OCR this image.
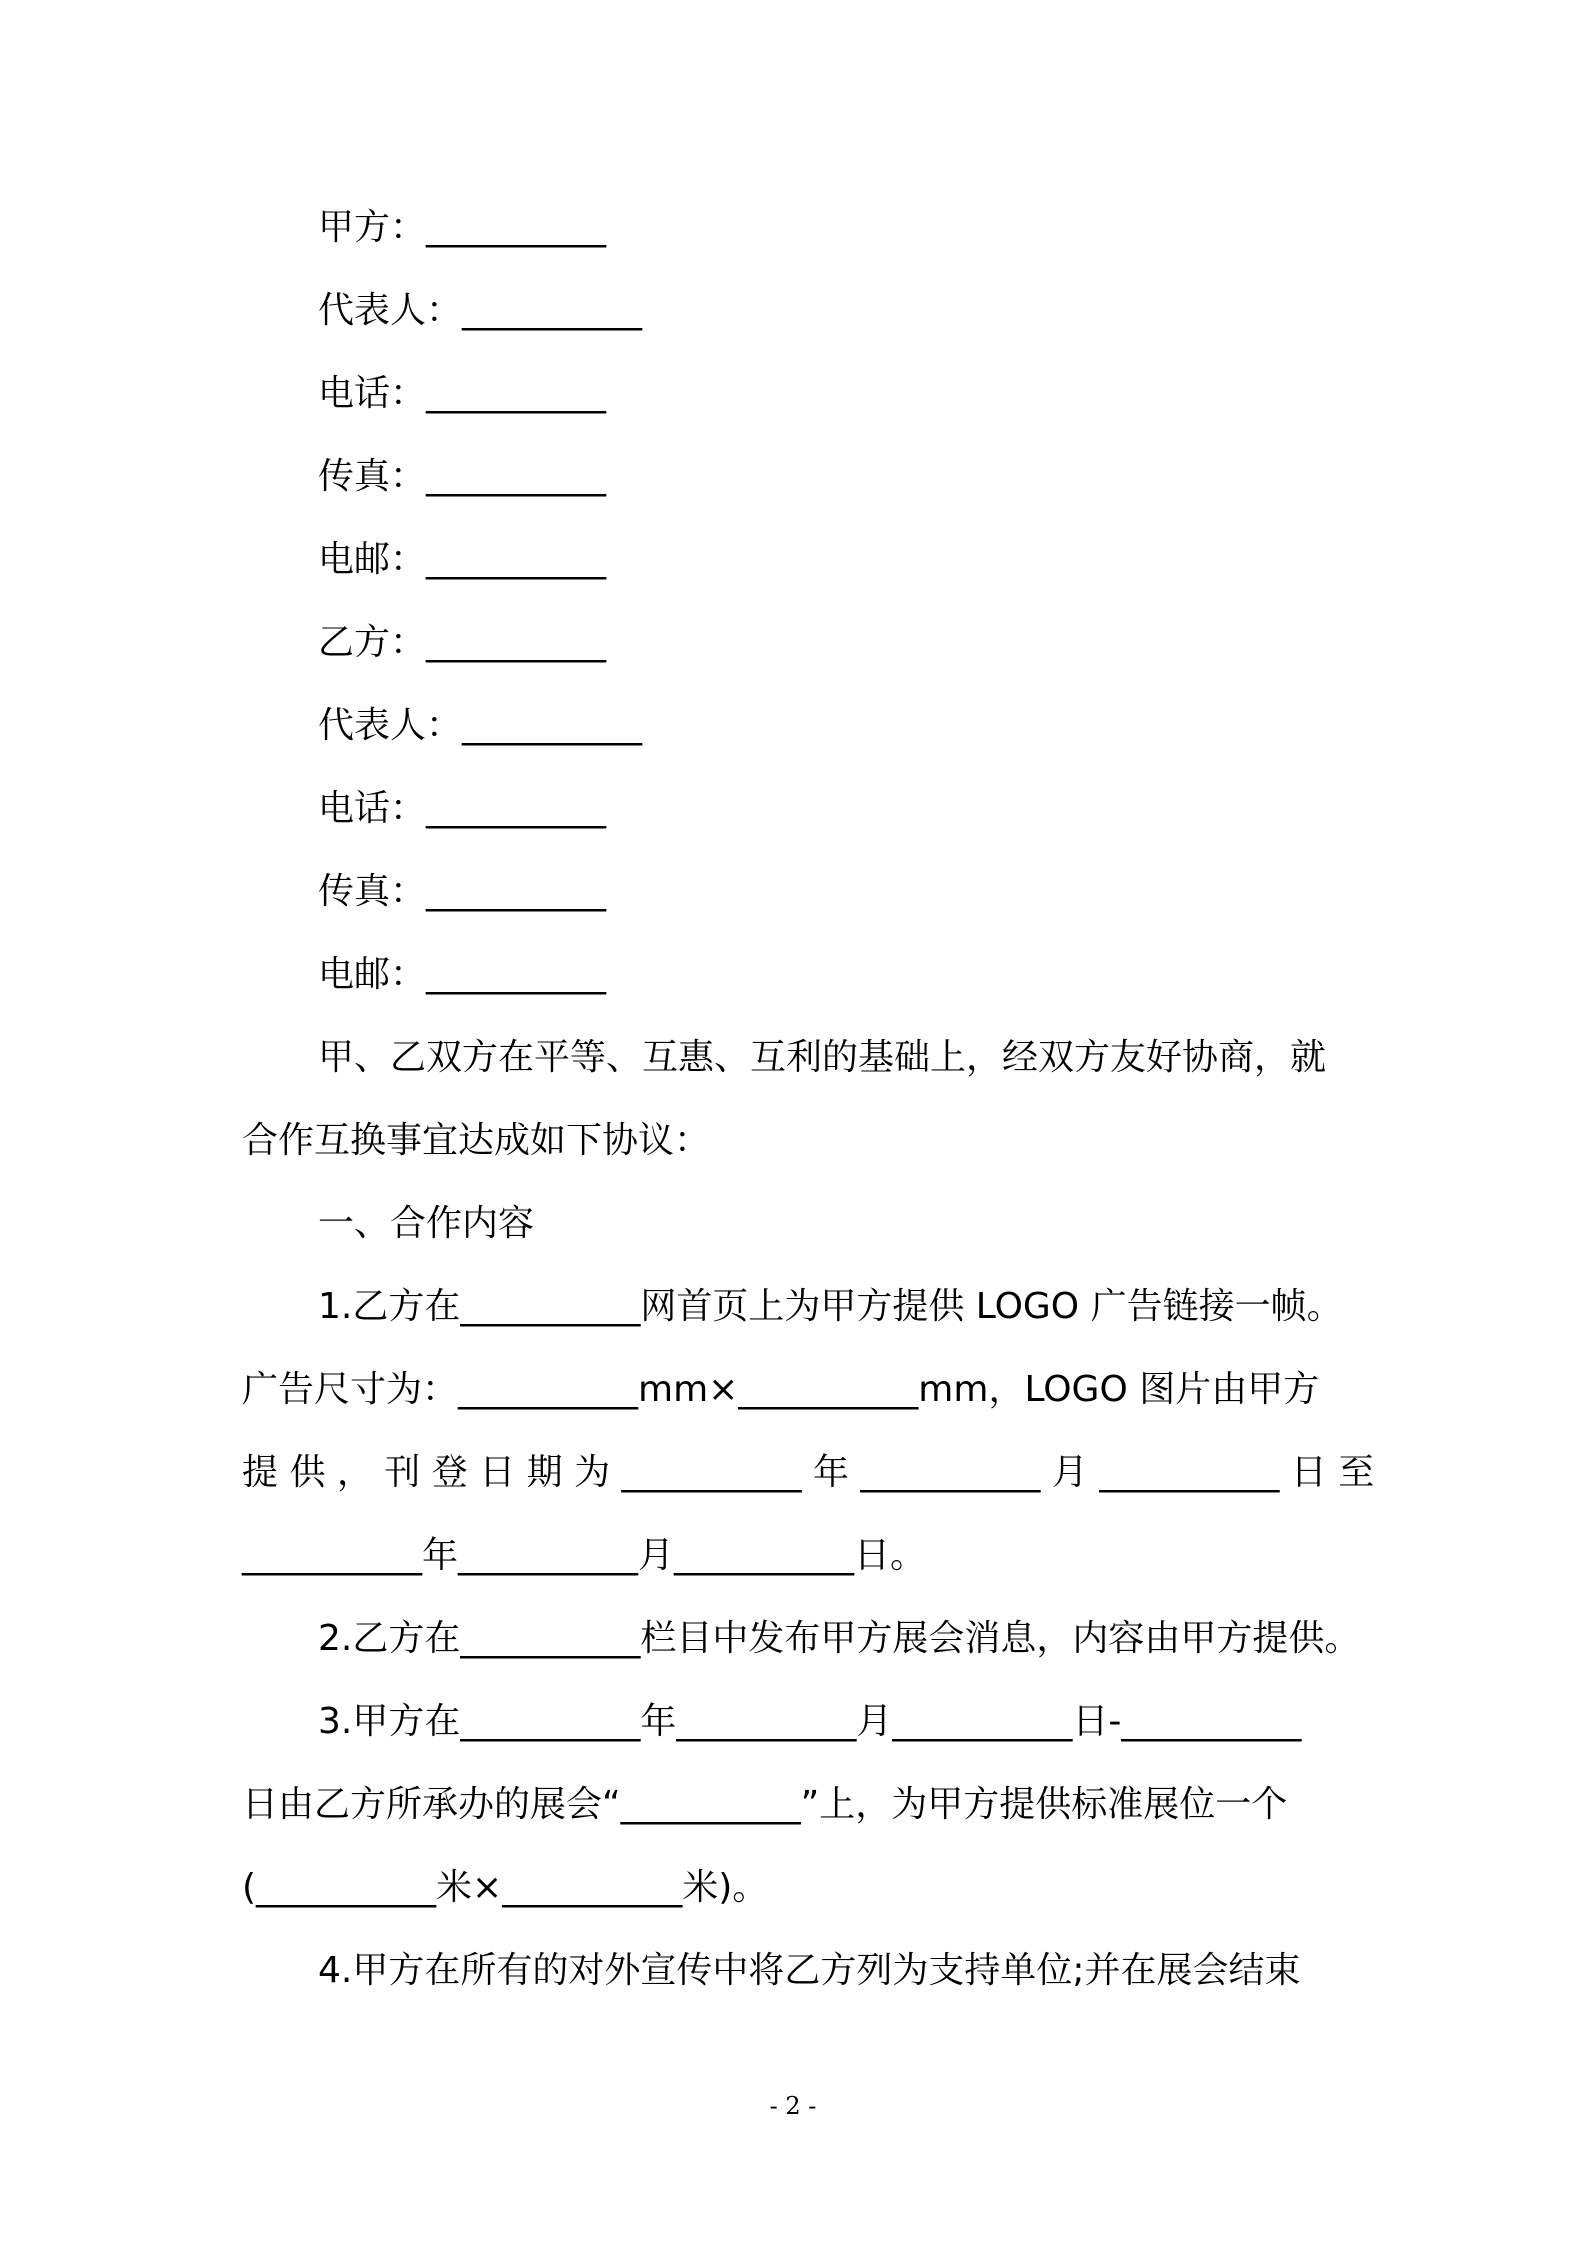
甲方：__________
代表人：__________
电话：__________
传真：__________
电邮：__________
乙方：__________
代表人：__________
电话：__________
传真：__________
电邮：__________
甲、乙双方在平等、互惠、互利的基础上，经双方友好协商，就
合作互换事宜达成如下协议：
一、合作内容
1.乙方在__________网首页上为甲方提供 LOGO 广告链接一帧。
广告尺寸为：__________mm×__________mm，LOGO 图片由甲方
提 供 ， 刊 登 日 期 为 __________ 年 __________ 月 __________ 日 至
__________年__________月__________日。
2.乙方在__________栏目中发布甲方展会消息，内容由甲方提供。
3.甲方在__________年__________月__________日-__________
日由乙方所承办的展会“__________”上，为甲方提供标准展位一个
(__________米×__________米)。
4.甲方在所有的对外宣传中将乙方列为支持单位;并在展会结束
- 2 -
